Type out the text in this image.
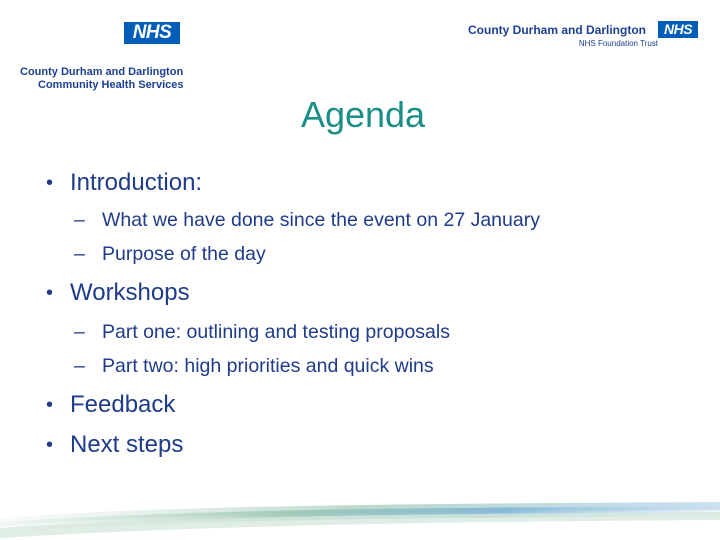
NHS
County Durham and Darlington
Community Health Services
County Durham and Darlington	NHS
NHS Foundation Trust
Agenda
• Introduction:
– What we have done since the event on 27 January
– Purpose of the day
• Workshops
– Part one: outlining and testing proposals
– Part two: high priorities and quick wins
• Feedback
• Next steps
